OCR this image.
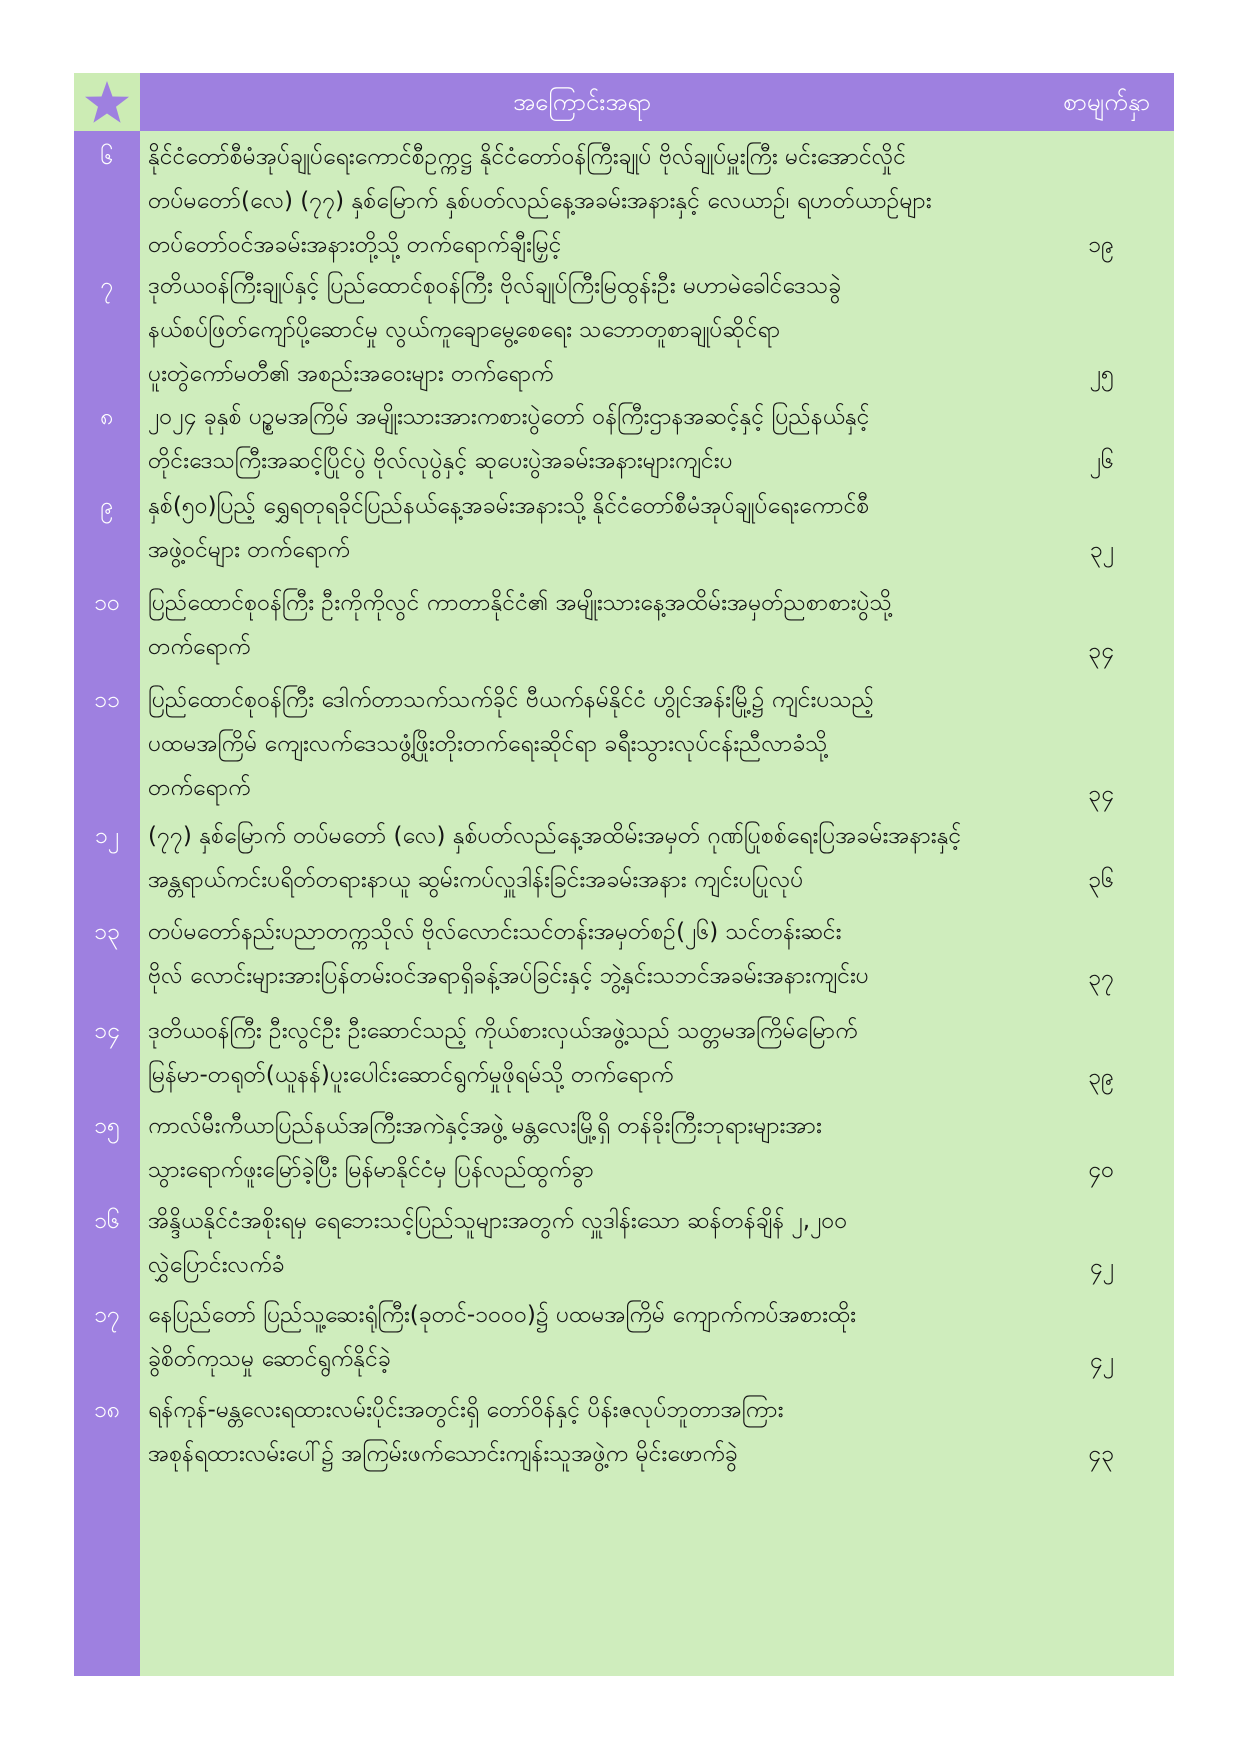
အကြောင်းအရာ	စာမျက်နှာ
၆	နိုင်ငံတော်စီမံအုပ်ချုပ်ရေးကောင်စီဥက္ကဋ္ဌ နိုင်ငံတော်ဝန်ကြီးချုပ် ဗိုလ်ချုပ်မှူးကြီး မင်းအောင်လှိုင်
တပ်မတော်(လေ) (၇၇) နှစ်မြောက် နှစ်ပတ်လည်နေ့အခမ်းအနားနှင့် လေယာဉ်၊ ရဟတ်ယာဉ်များ
တပ်တော်ဝင်အခမ်းအနားတို့သို့ တက်ရောက်ချီးမြှင့်	၁၉
၇	ဒုတိယဝန်ကြီးချုပ်နှင့် ပြည်ထောင်စုဝန်ကြီး ဗိုလ်ချုပ်ကြီးမြထွန်းဦး မဟာမဲခေါင်ဒေသခွဲ
နယ်စပ်ဖြတ်ကျော်ပို့ဆောင်မှု လွယ်ကူချောမွေ့စေရေး သဘောတူစာချုပ်ဆိုင်ရာ
ပူးတွဲကော်မတီ၏ အစည်းအဝေးများ တက်ရောက်	၂၅
၈	၂၀၂၄ ခုနှစ် ပဉ္စမအကြိမ် အမျိုးသားအားကစားပွဲတော် ဝန်ကြီးဌာနအဆင့်နှင့် ပြည်နယ်နှင့်
တိုင်းဒေသကြီးအဆင့်ပြိုင်ပွဲ ဗိုလ်လုပွဲနှင့် ဆုပေးပွဲအခမ်းအနားများကျင်းပ	၂၆
၉	နှစ်(၅၀)ပြည့် ရွှေရတုရခိုင်ပြည်နယ်နေ့အခမ်းအနားသို့ နိုင်ငံတော်စီမံအုပ်ချုပ်ရေးကောင်စီ
အဖွဲ့ဝင်များ တက်ရောက်	၃၂
၁၀	ပြည်ထောင်စုဝန်ကြီး ဦးကိုကိုလွင် ကာတာနိုင်ငံ၏ အမျိုးသားနေ့အထိမ်းအမှတ်ညစာစားပွဲသို့
တက်ရောက်	၃၄
၁၁	ပြည်ထောင်စုဝန်ကြီး ဒေါက်တာသက်သက်ခိုင် ဗီယက်နမ်နိုင်ငံ ဟွိုင်အန်းမြို့၌ ကျင်းပသည့်
ပထမအကြိမ် ကျေးလက်ဒေသဖွံ့ဖြိုးတိုးတက်ရေးဆိုင်ရာ ခရီးသွားလုပ်ငန်းညီလာခံသို့
တက်ရောက်	၃၄
၁၂	(၇၇) နှစ်မြောက် တပ်မတော် (လေ) နှစ်ပတ်လည်နေ့အထိမ်းအမှတ် ဂုဏ်ပြုစစ်ရေးပြအခမ်းအနားနှင့်
အန္တရာယ်ကင်းပရိတ်တရားနာယူ ဆွမ်းကပ်လှူဒါန်းခြင်းအခမ်းအနား ကျင်းပပြုလုပ်	၃၆
၁၃	တပ်မတော်နည်းပညာတက္ကသိုလ် ဗိုလ်လောင်းသင်တန်းအမှတ်စဉ်(၂၆) သင်တန်းဆင်း
ဗိုလ် လောင်းများအားပြန်တမ်းဝင်အရာရှိခန့်အပ်ခြင်းနှင့် ဘွဲ့နှင်းသဘင်အခမ်းအနားကျင်းပ	၃၇
၁၄	ဒုတိယဝန်ကြီး ဦးလွင်ဦး ဦးဆောင်သည့် ကိုယ်စားလှယ်အဖွဲ့သည် သတ္တမအကြိမ်မြောက်
မြန်မာ-တရုတ်(ယူနန်)ပူးပေါင်းဆောင်ရွက်မှုဖိုရမ်သို့ တက်ရောက်	၃၉
၁၅	ကာလ်မီးကီယာပြည်နယ်အကြီးအကဲနှင့်အဖွဲ့ မန္တလေးမြို့ရှိ တန်ခိုးကြီးဘုရားများအား
သွားရောက်ဖူးမြော်ခဲ့ပြီး မြန်မာနိုင်ငံမှ ပြန်လည်ထွက်ခွာ	၄၀
၁၆	အိန္ဒိယနိုင်ငံအစိုးရမှ ရေဘေးသင့်ပြည်သူများအတွက် လှူဒါန်းသော ဆန်တန်ချိန် ၂,၂၀၀
လွှဲပြောင်းလက်ခံ	၄၂
၁၇	နေပြည်တော် ပြည်သူ့ဆေးရုံကြီး(ခုတင်-၁၀၀၀)၌ ပထမအကြိမ် ကျောက်ကပ်အစားထိုး
ခွဲစိတ်ကုသမှု ဆောင်ရွက်နိုင်ခဲ့	၄၂
၁၈	ရန်ကုန်-မန္တလေးရထားလမ်းပိုင်းအတွင်းရှိ တော်ဝိန်နှင့် ပိန်းဇလုပ်ဘူတာအကြား
အစုန်ရထားလမ်းပေါ်၌ အကြမ်းဖက်သောင်းကျန်းသူအဖွဲ့က မိုင်းဖောက်ခွဲ	၄၃
